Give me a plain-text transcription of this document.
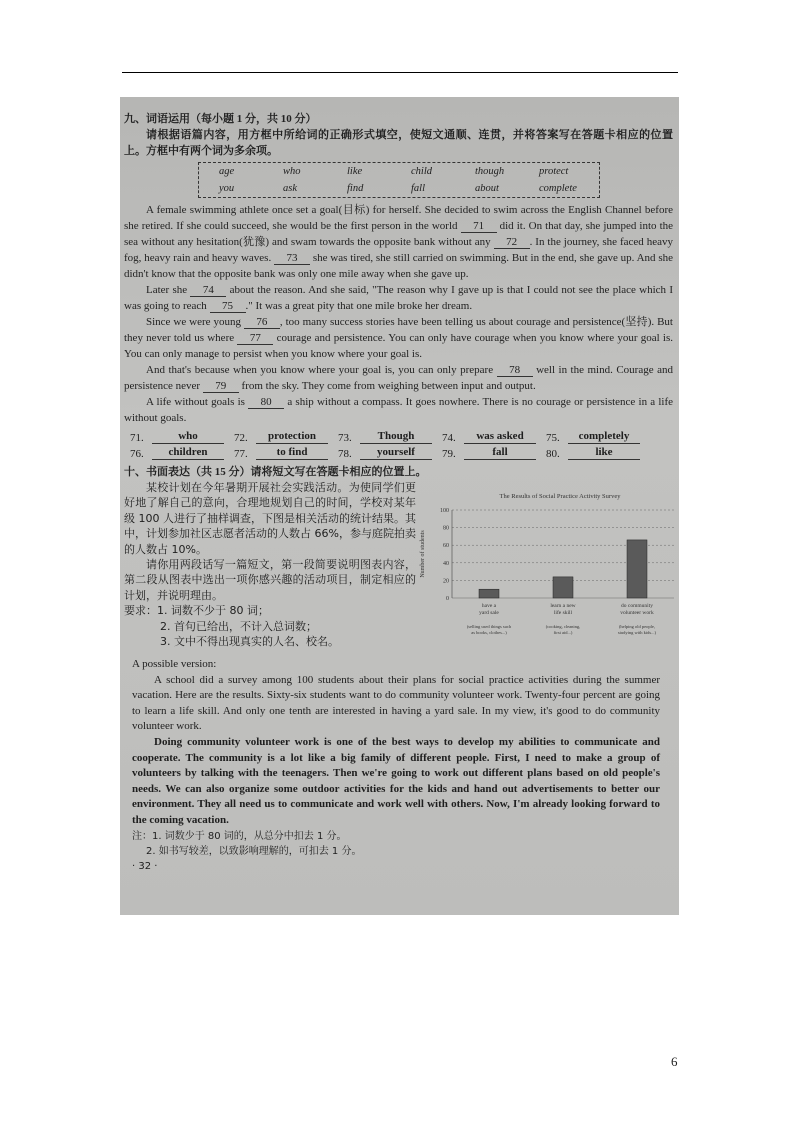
九、词语运用（每小题 1 分，共 10 分）

请根据语篇内容，用方框中所给词的正确形式填空，使短文通顺、连贯，并将答案写在答题卡相应的位置上。方框中有两个词为多余项。

age	who	like	child	though	protect
you	ask	find	fall	about	complete

A female swimming athlete once set a goal(目标) for herself. She decided to swim across the English Channel before she retired. If she could succeed, she would be the first person in the world 71 did it. On that day, she jumped into the sea without any hesitation(犹豫) and swam towards the opposite bank without any 72 . In the journey, she faced heavy fog, heavy rain and heavy waves. 73 she was tired, she still carried on swimming. But in the end, she gave up. And she didn't know that the opposite bank was only one mile away when she gave up.

Later she 74 about the reason. And she said, "The reason why I gave up is that I could not see the place which I was going to reach 75 ." It was a great pity that one mile broke her dream.

Since we were young 76 , too many success stories have been telling us about courage and persistence(坚持). But they never told us where 77 courage and persistence. You can only have courage when you know where your goal is. You can only manage to persist when you know where your goal is.

And that's because when you know where your goal is, you can only prepare 78 well in the mind. Courage and persistence never 79 from the sky. They come from weighing between input and output.

A life without goals is 80 a ship without a compass. It goes nowhere. There is no courage or persistence in a life without goals.

71.	who	72.	protection	73.	Though	74.	was asked	75.	completely
76.	children	77.	to find	78.	yourself	79.	fall	80.	like
十、书面表达（共 15 分）请将短文写在答题卡相应的位置上。

某校计划在今年暑期开展社会实践活动。为使同学们更好地了解自己的意向，合理地规划自己的时间，学校对某年级 100 人进行了抽样调查，下图是相关活动的统计结果。其中，计划参加社区志愿者活动的人数占 66%，参与庭院拍卖的人数占 10%。

请你用两段话写一篇短文，第一段简要说明图表内容，第二段从图表中选出一项你感兴趣的活动项目，制定相应的计划，并说明理由。

要求：1. 词数不少于 80 词；
2. 首句已给出，不计入总词数；
3. 文中不得出现真实的人名、校名。
The Results of Social Practice Activity Survey
Number of students
0
20
40
60
80
100
have a yard sale
(selling used things such as books, clothes...)
learn a new life skill
(cooking, cleaning, first aid...)
do community volunteer work
(helping old people, studying with kids...)
A possible version:

A school did a survey among 100 students about their plans for social practice activities during the summer vacation. Here are the results. Sixty-six students want to do community volunteer work. Twenty-four percent are going to learn a life skill. And only one tenth are interested in having a yard sale. In my view, it's good to do community volunteer work.

Doing community volunteer work is one of the best ways to develop my abilities to communicate and cooperate. The community is a lot like a big family of different people. First, I need to make a group of volunteers by talking with the teenagers. Then we're going to work out different plans based on old people's needs. We can also organize some outdoor activities for the kids and hand out advertisements to better our environment. They all need us to communicate and work well with others. Now, I'm already looking forward to the coming vacation.

注：1. 词数少于 80 词的，从总分中扣去 1 分。
2. 如书写较差，以致影响理解的，可扣去 1 分。
· 32 ·
6
